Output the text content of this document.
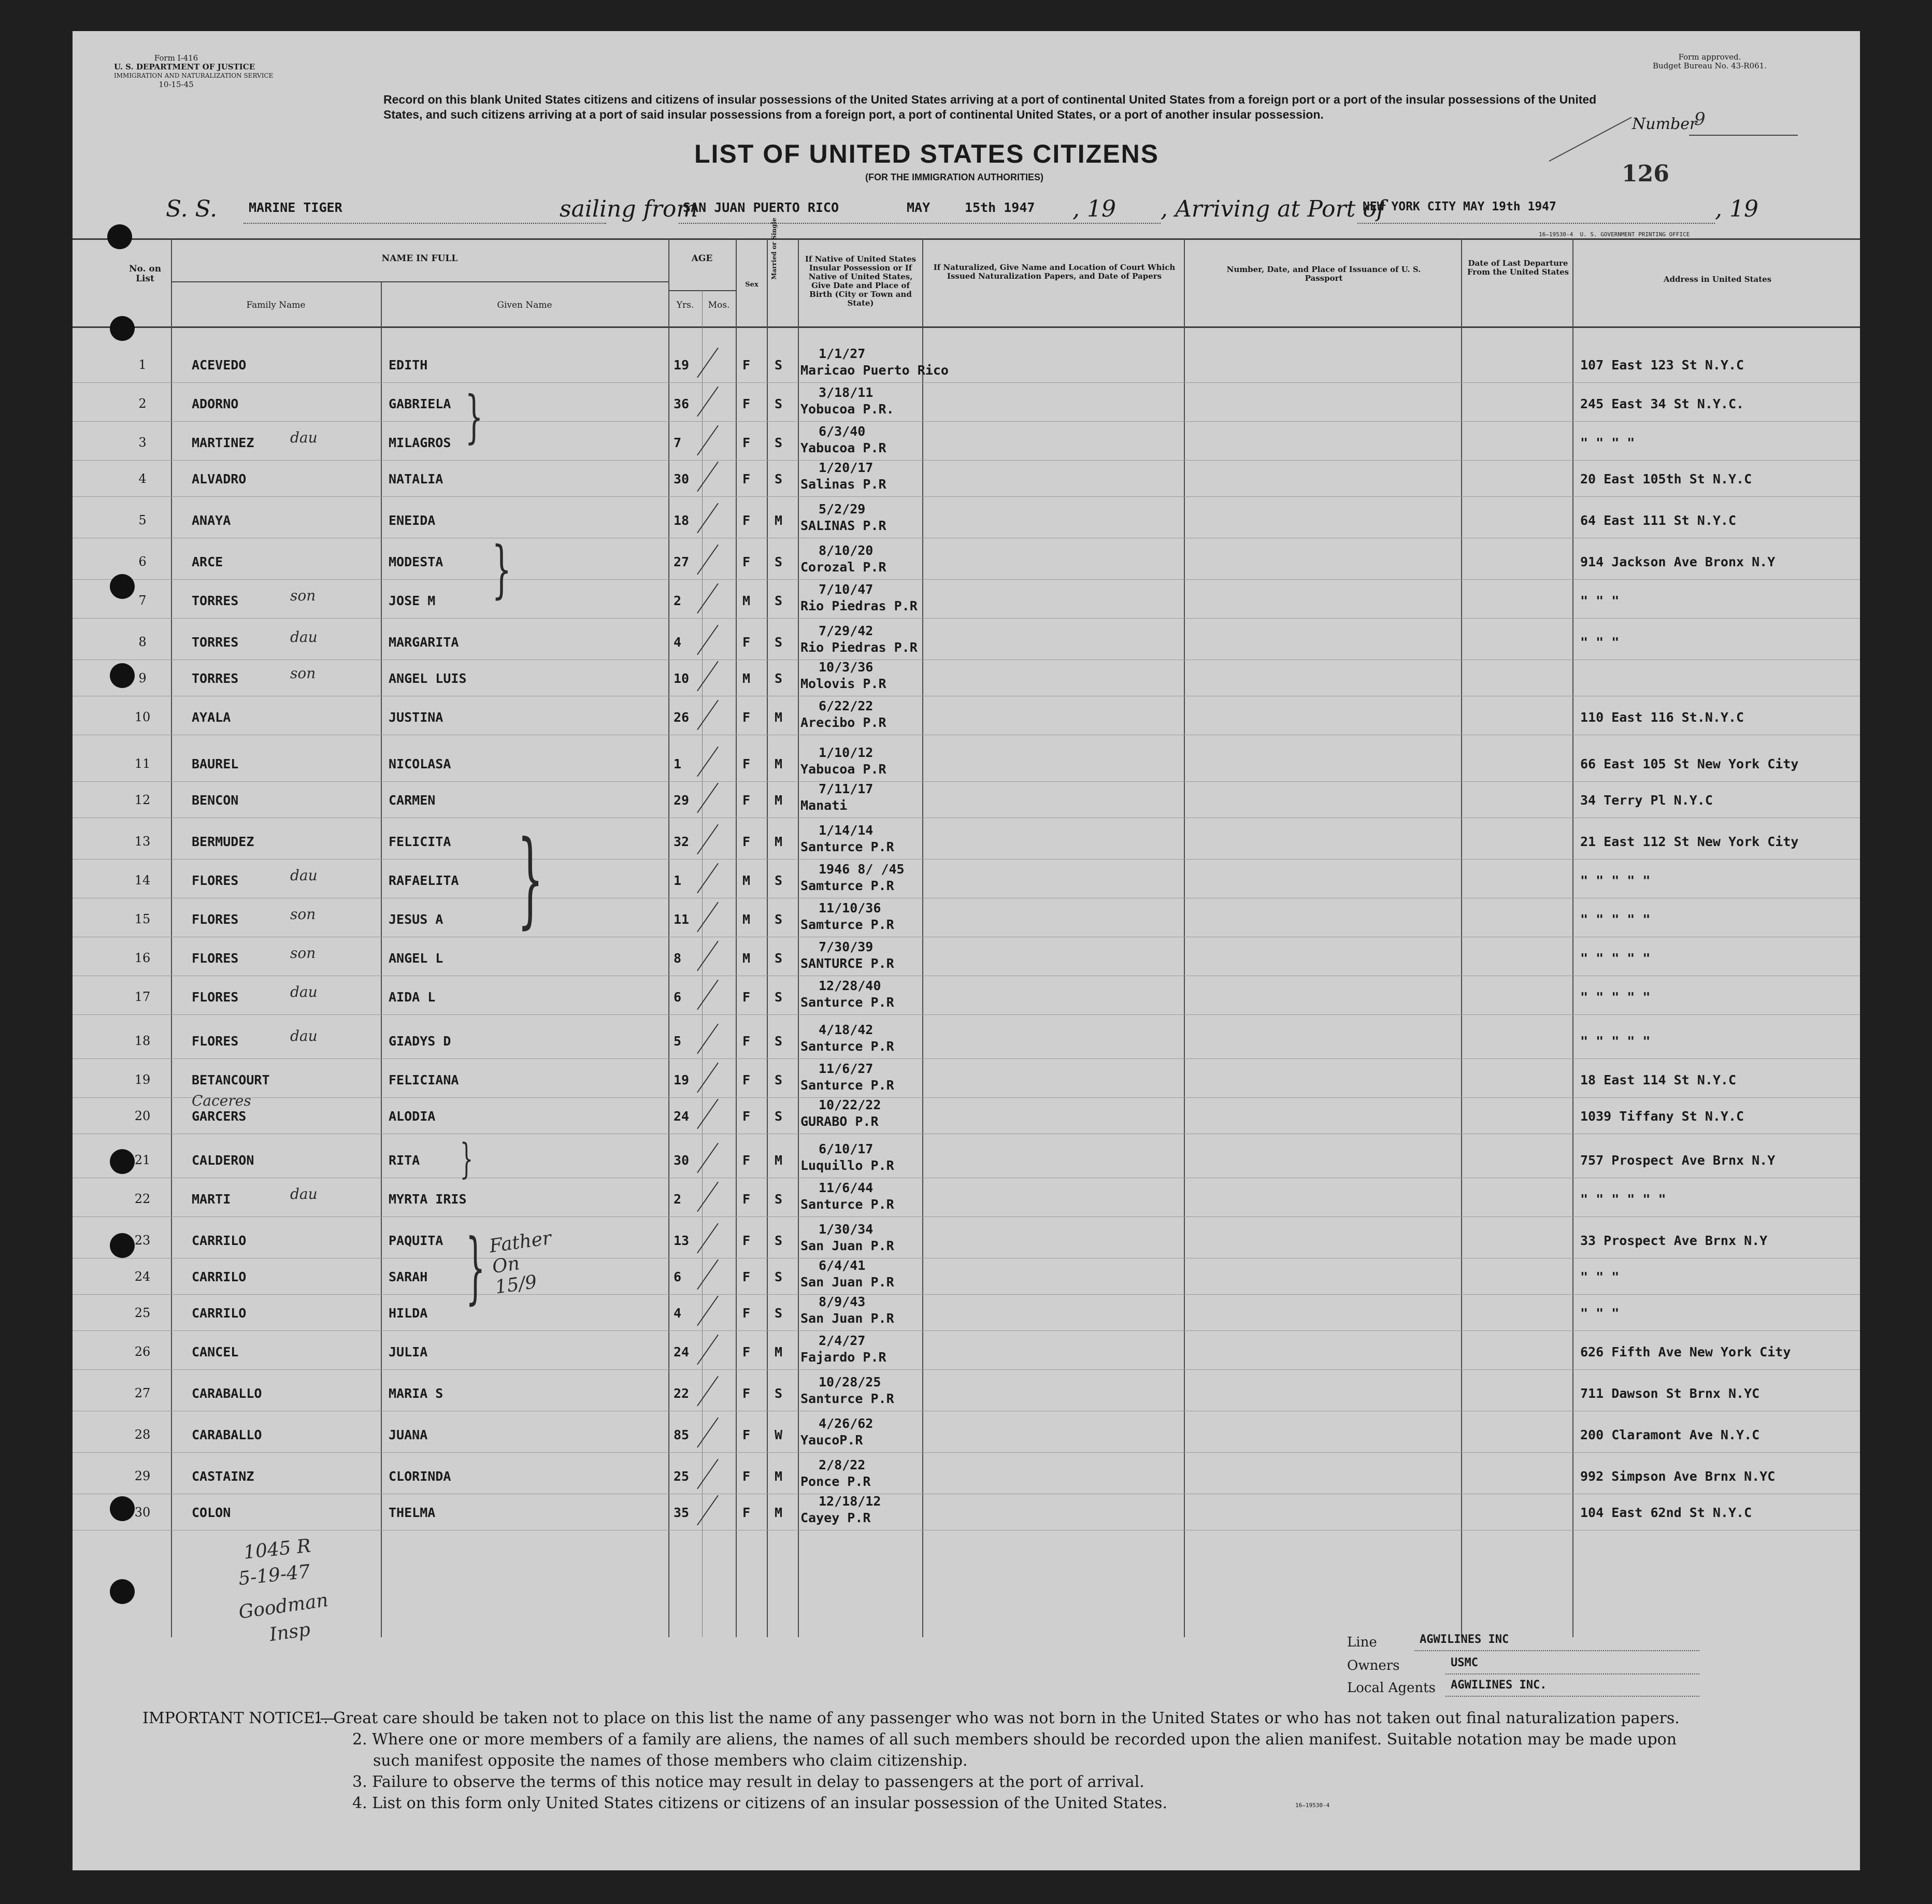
Form I-416
U. S. DEPARTMENT OF JUSTICE
IMMIGRATION AND NATURALIZATION SERVICE
10-15-45
Form approved.
Budget Bureau No. 43-R061.
Record on this blank United States citizens and citizens of insular possessions of the United States arriving at a port of continental United States from a foreign port or a port of the insular possessions of the United States, and such citizens arriving at a port of said insular possessions from a foreign port, a port of continental United States, or a port of another insular possession.
Number
9
126
LIST OF UNITED STATES CITIZENS
(FOR THE IMMIGRATION AUTHORITIES)
S. S. MARINE TIGER	sailing from
SAN JUAN PUERTO RICO	MAY	15th 1947 , 19 , Arriving at Port of
NEW YORK CITY MAY 19th 1947	, 19
16—19530-4 U. S. GOVERNMENT PRINTING OFFICE
No. on List
NAME IN FULL
Family Name	Given Name
AGE
Yrs.	Mos.
Sex
Married or Single	If Native of United States Insular Possession or If Native of United States, Give Date and Place of Birth (City or Town and State)
If Naturalized, Give Name and Location of Court Which Issued Naturalization Papers, and Date of Papers
Number, Date, and Place of Issuance of U. S. Passport
Date of Last Departure From the United States
Address in United States
1	ACEVEDO	EDITH	19	F S
1/1/27
Maricao Puerto Rico	107 East 123 St N.Y.C
2	ADORNO	GABRIELA	36	F S
3/18/11
Yobucoa P.R.	245 East 34 St N.Y.C.
3	MARTINEZ dau	MILAGROS	7	F S
6/3/40
Yabucoa P.R	" " " "
4	ALVADRO	NATALIA	30	F S
1/20/17
Salinas P.R	20 East 105th St N.Y.C
5	ANAYA	ENEIDA	18	F M
5/2/29
SALINAS P.R	64 East 111 St N.Y.C
6	ARCE	MODESTA	27	F S
8/10/20
Corozal P.R	914 Jackson Ave Bronx N.Y
7	TORRES	son	JOSE M	2	M S
7/10/47
Rio Piedras P.R	" " "
8	TORRES	dau	MARGARITA	4	F S
7/29/42
Rio Piedras P.R	" " "
9	TORRES	son	ANGEL LUIS	10	M S
10/3/36
Molovis P.R
10	AYALA	JUSTINA	26	F M
6/22/22
Arecibo P.R	110 East 116 St.N.Y.C
11	BAUREL	NICOLASA	1	F M
1/10/12
Yabucoa P.R	66 East 105 St New York City
12	BENCON	CARMEN	29	F M
7/11/17
Manati	34 Terry Pl N.Y.C
13	BERMUDEZ	FELICITA	32	F M
1/14/14
Santurce P.R	21 East 112 St New York City
14	FLORES	dau	RAFAELITA	1	M S
1946 8/ /45
Samturce P.R	" " " " "
15	FLORES	son	JESUS A	11	M S
11/10/36
Samturce P.R	" " " " "
16	FLORES	son	ANGEL L	8	M S
7/30/39
SANTURCE P.R	" " " " "
17	FLORES	dau	AIDA L	6	F S
12/28/40
Santurce P.R	" " " " "
18	FLORES	dau	GIADYS D	5	F S
4/18/42
Santurce P.R	" " " " "
19	BETANCOURT	FELICIANA	19	F S
11/6/27
Santurce P.R	18 East 114 St N.Y.C
20	GARCERS
Caceres
ALODIA	24	F S
10/22/22
GURABO P.R	1039 Tiffany St N.Y.C
21	CALDERON	RITA	30	F M
6/10/17
Luquillo P.R	757 Prospect Ave Brnx N.Y
22	MARTI	dau	MYRTA IRIS	2	F S
11/6/44
Santurce P.R	" " " " " "
23	CARRILO	PAQUITA	13	F S
1/30/34
San Juan P.R	33 Prospect Ave Brnx N.Y
24	CARRILO	SARAH	6	F S
6/4/41
San Juan P.R	" " "
25	CARRILO	HILDA	4	F S
8/9/43
San Juan P.R	" " "
26	CANCEL	JULIA	24	F M
2/4/27
Fajardo P.R	626 Fifth Ave New York City
27	CARABALLO	MARIA S	22	F S
10/28/25
Santurce P.R	711 Dawson St Brnx N.YC
28	CARABALLO	JUANA	85	F W
4/26/62
YaucoP.R	200 Claramont Ave N.Y.C
29	CASTAINZ	CLORINDA	25	F M
2/8/22
Ponce P.R	992 Simpson Ave Brnx N.YC
30	COLON	THELMA	35	F M
12/18/12
Cayey P.R	104 East 62nd St N.Y.C
}
}
}
} Father On 15/9
}
1045 R
5-19-47
Goodman
Insp	Line	AGWILINES INC
Owners	USMC
Local Agents AGWILINES INC.
IMPORTANT NOTICE.—
1. Great care should be taken not to place on this list the name of any passenger who was not born in the United States or who has not taken out final naturalization papers.
2. Where one or more members of a family are aliens, the names of all such members should be recorded upon the alien manifest. Suitable notation may be made upon
such manifest opposite the names of those members who claim citizenship.
3. Failure to observe the terms of this notice may result in delay to passengers at the port of arrival.
4. List on this form only United States citizens or citizens of an insular possession of the United States.	16—19530-4
